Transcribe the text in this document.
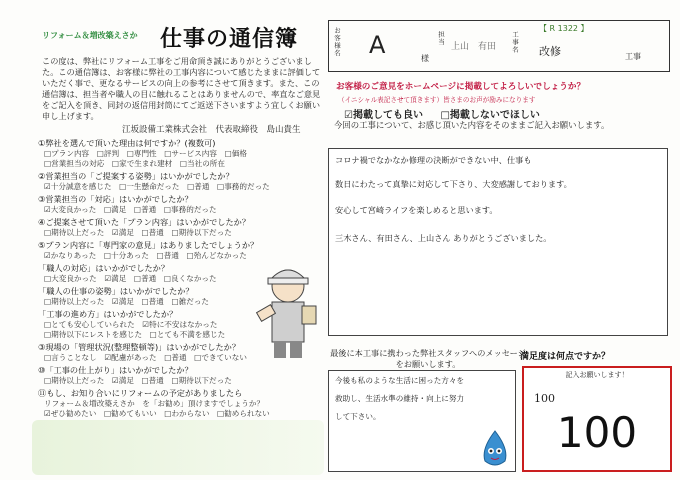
リフォーム＆増改築えさか 仕事の通信簿
この度は、弊社にリフォーム工事をご用命頂き誠にありがとうございました。この通信簿は、お客様に弊社の工事内容について感じたままに評価していただく事で、更なるサービスの向上の参考にさせて頂きます。また、この通信簿は、担当者や職人の目に触れることはありませんので、率直なご意見をご記入を頂き、同封の返信用封筒にてご返送下さいますよう宜しくお願い申し上げます。
江坂設備工業株式会社　代表取締役　島山貴生
①弊社を選んで頂いた理由は何ですか？(複数可)
□プラン内容　□評判　□専門性　□サービス内容　□価格
□営業担当の対応　□家で生まれ建材　□当社の所在
②営業担当の「ご提案する姿勢」はいかがでしたか？
☑十分誠意を感じた　□一生懸命だった　□普通　□事務的だった
③営業担当の「対応」はいかがでしたか？
☑大変良かった　□満足　□普通　□事務的だった
④ご提案させて頂いた「プラン内容」はいかがでしたか？
□期待以上だった　☑満足　□普通　□期待以下だった
⑤プラン内容に「専門家の意見」はありましたでしょうか？
☑かなりあった　□十分あった　□普通　□殆んどなかった
「職人の対応」はいかがでしたか？
□大変良かった　☑満足　□普通　□良くなかった
「職人の仕事の姿勢」はいかがでしたか？
□期待以上だった　☑満足　□普通　□雑だった
「工事の進め方」はいかがでしたか？
□とても安心していられた　☑特に不安はなかった
□期待以下にレストを感じた　□とても不満を感じた
③現場の「管理状況(整理整頓等)」はいかがでしたか？
□言うことなし　☑配慮があった　□普通　□できていない
⑩「工事の仕上がり」はいかがでしたか？
□期待以上だった　☑満足　□普通　□期待以下だった
⑪もし、お知り合いにリフォームの予定がありましたら
リフォーム＆増改築えさか　を「お勧め」頂けますでしょうか？
☑ぜひ勧めたい　□勧めてもいい　□わからない　□勧められない
お客様名 A	様
担当
上山　有田 工事名 改修	工事
【 R 1322 】
お客様のご意見をホームページに掲載してよろしいでしょうか？
（イニシャル表記させて頂きます）皆さまのお声が励みになります
☑掲載しても良い □掲載しないでほしい
今回の工事について、お感じ頂いた内容をそのままご記入お願いします。
コロナ禍でなかなか修理の決断ができない中、仕事も
数日にわたって真摯に対応して下さり、大変感謝しております。
安心して宮崎ライフを楽しめると思います。
三木さん、有田さん、上山さん ありがとうございました。
最後に本工事に携わった弊社スタッフへのメッセージをお願いします。
今後も私のような生活に困った方々を
救助し、生活水準の維持・向上に努力
して下さい。
満足度は何点ですか？
記入お願いします！
100
100
